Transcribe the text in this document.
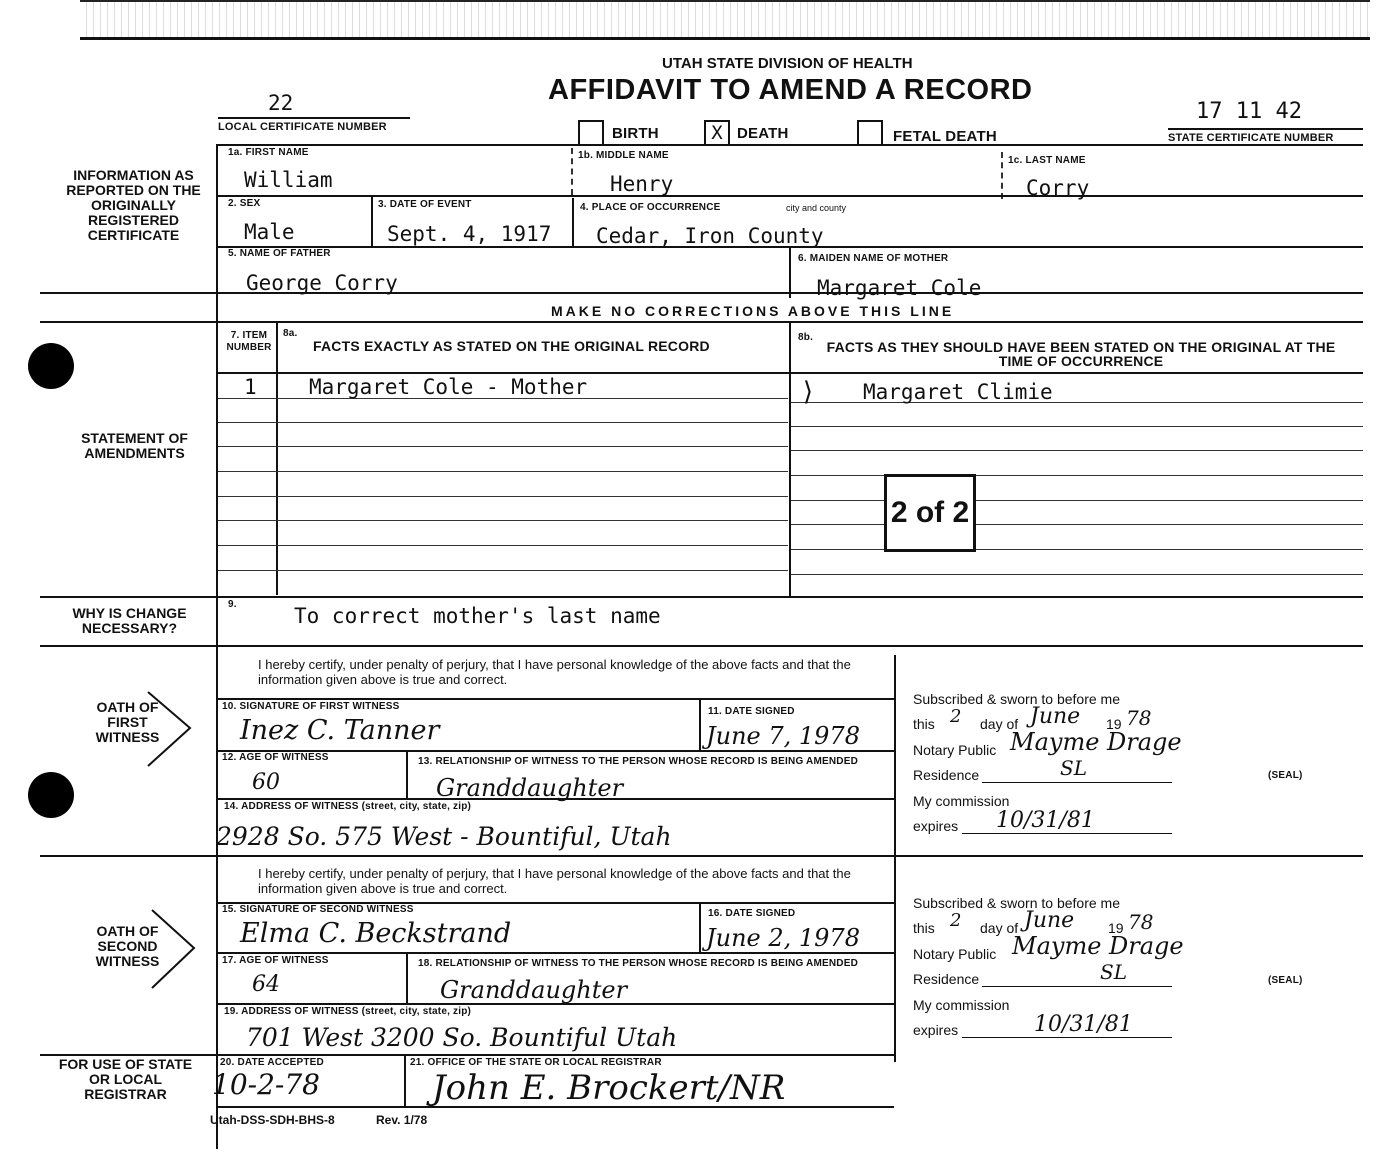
UTAH STATE DIVISION OF HEALTH
AFFIDAVIT TO AMEND A RECORD
22
LOCAL CERTIFICATE NUMBER	BIRTH	X DEATH	FETAL DEATH
17 11 42
STATE CERTIFICATE NUMBER
INFORMATION AS REPORTED ON THE ORIGINALLY REGISTERED CERTIFICATE
1a. FIRST NAME
William
1b. MIDDLE NAME
Henry
1c. LAST NAME
Corry
2. SEX
Male
3. DATE OF EVENT
Sept. 4, 1917
4. PLACE OF OCCURRENCE	city and county
Cedar, Iron County
5. NAME OF FATHER
George Corry
6. MAIDEN NAME OF MOTHER
Margaret Cole
MAKE NO CORRECTIONS ABOVE THIS LINE
STATEMENT OF AMENDMENTS
7. ITEM NUMBER
8a.
FACTS EXACTLY AS STATED ON THE ORIGINAL RECORD
8b.
FACTS AS THEY SHOULD HAVE BEEN STATED ON THE ORIGINAL AT THE TIME OF OCCURRENCE
1 Margaret Cole - Mother	⟩ Margaret Climie
2 of 2
WHY IS CHANGE NECESSARY?
9.	To correct mother's last name
OATH OF FIRST WITNESS
I hereby certify, under penalty of perjury, that I have personal knowledge of the above facts and that the information given above is true and correct.
10. SIGNATURE OF FIRST WITNESS
Inez C. Tanner
11. DATE SIGNED
June 7, 1978
12. AGE OF WITNESS
60
13. RELATIONSHIP OF WITNESS TO THE PERSON WHOSE RECORD IS BEING AMENDED
Granddaughter
14. ADDRESS OF WITNESS (street, city, state, zip)
2928 So. 575 West - Bountiful, Utah
Subscribed & sworn to before me
this 2 day of June 19 78
Notary Public Mayme Drage
Residence	SL	(SEAL)
My commission
expires 10/31/81
OATH OF SECOND WITNESS
I hereby certify, under penalty of perjury, that I have personal knowledge of the above facts and that the information given above is true and correct.
15. SIGNATURE OF SECOND WITNESS
Elma C. Beckstrand
16. DATE SIGNED
June 2, 1978
17. AGE OF WITNESS
64
18. RELATIONSHIP OF WITNESS TO THE PERSON WHOSE RECORD IS BEING AMENDED
Granddaughter
19. ADDRESS OF WITNESS (street, city, state, zip)
701 West 3200 So. Bountiful Utah
Subscribed & sworn to before me
this 2 day of June 19 78
Notary Public Mayme Drage
Residence	SL	(SEAL)
My commission
expires	10/31/81
FOR USE OF STATE OR LOCAL REGISTRAR
20. DATE ACCEPTED
10-2-78
21. OFFICE OF THE STATE OR LOCAL REGISTRAR
John E. Brockert/NR
Utah-DSS-SDH-BHS-8	Rev. 1/78
